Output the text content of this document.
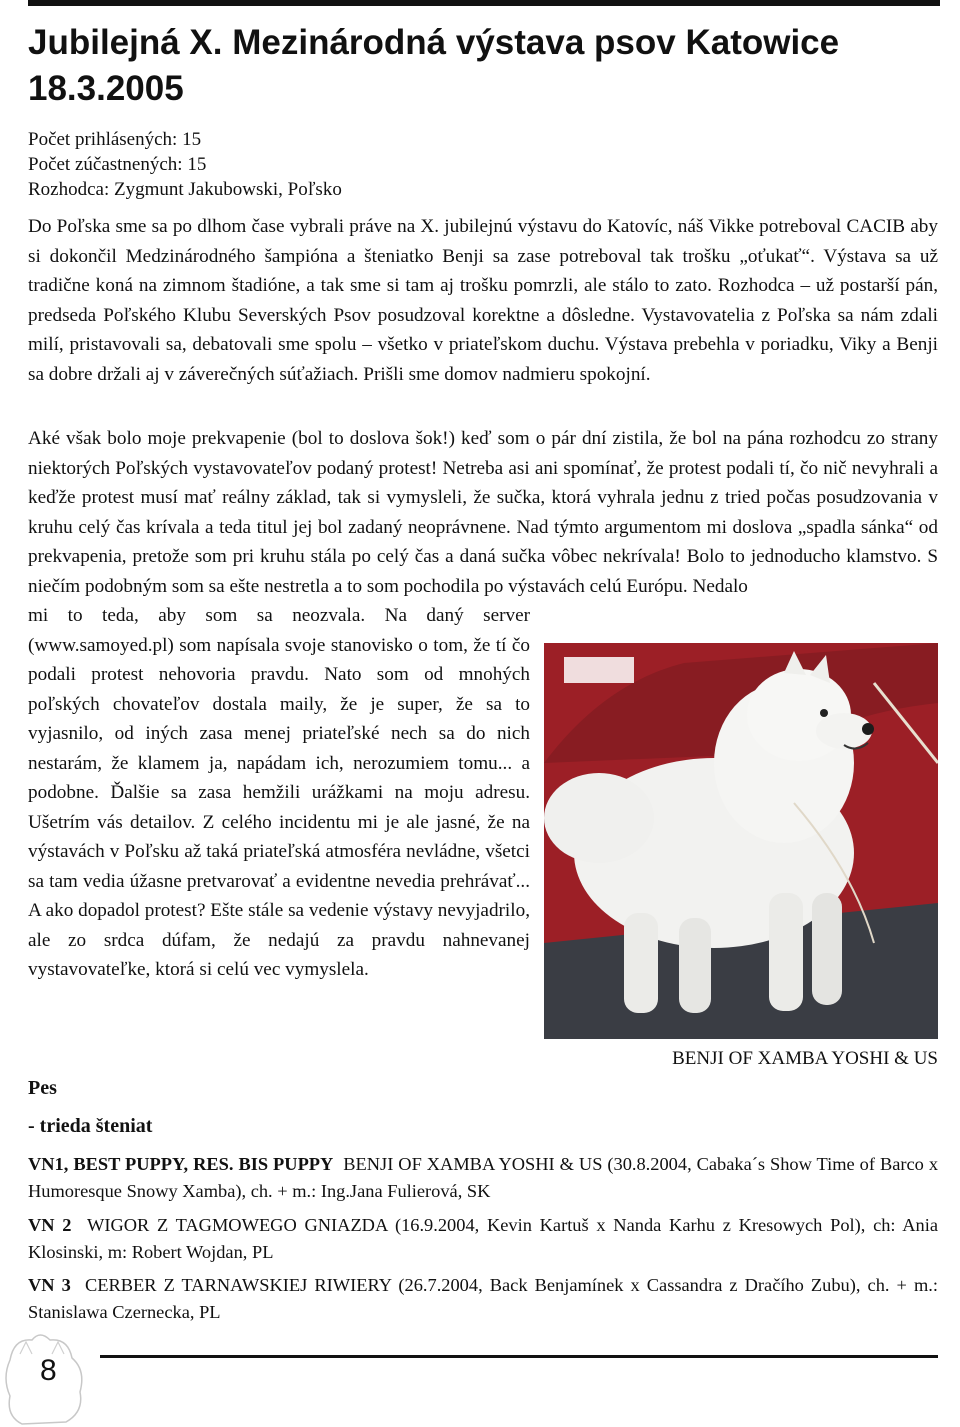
Jubilejná X. Mezinárodná výstava psov Katowice 18.3.2005
Počet prihlásených: 15
Počet zúčastnených: 15
Rozhodca: Zygmunt Jakubowski, Poľsko

Do Poľska sme sa po dlhom čase vybrali práve na X. jubilejnú výstavu do Katovíc, náš Vikke potreboval CACIB aby si dokončil Medzinárodného šampióna a šteniatko Benji sa zase potreboval tak trošku „oťukať“. Výstava sa už tradične koná na zimnom štadióne, a tak sme si tam aj trošku pomrzli, ale stálo to zato. Rozhodca – už postarší pán, predseda Poľského Klubu Severských Psov posudzoval korektne a dôsledne. Vystavovatelia z Poľska sa nám zdali milí, pristavovali sa, debatovali sme spolu – všetko v priateľskom duchu. Výstava prebehla v poriadku, Viky a Benji sa dobre držali aj v záverečných súťažiach. Prišli sme domov nadmieru spokojní.

Aké však bolo moje prekvapenie (bol to doslova šok!) keď som o pár dní zistila, že bol na pána rozhodcu zo strany niektorých Poľských vystavovateľov podaný protest! Netreba asi ani spomínať, že protest podali tí, čo nič nevyhrali a keďže protest musí mať reálny základ, tak si vymysleli, že sučka, ktorá vyhrala jednu z tried počas posudzovania v kruhu celý čas krívala a teda titul jej bol zadaný neoprávnene. Nad týmto argumentom mi doslova „spadla sánka“ od prekvapenia, pretože som pri kruhu stála po celý čas a daná sučka vôbec nekrívala! Bolo to jednoducho klamstvo. S niečím podobným som sa ešte nestretla a to som pochodila po výstavách celú Európu. Nedalo

mi to teda, aby som sa neozvala. Na daný server (www.samoyed.pl) som napísala svoje stanovisko o tom, že tí čo podali protest nehovoria pravdu. Nato som od mnohých poľských chovateľov dostala maily, že je super, že sa to vyjasnilo, od iných zasa menej priateľské nech sa do nich nestarám, že klamem ja, napádam ich, nerozumiem tomu... a podobne. Ďalšie sa zasa hemžili urážkami na moju adresu. Ušetrím vás detailov. Z celého incidentu mi je ale jasné, že na výstavách v Poľsku až taká priateľská atmosféra nevládne, všetci sa tam vedia úžasne pretvarovať a evidentne nevedia prehrávať... A ako dopadol protest? Ešte stále sa vedenie výstavy nevyjadrilo, ale zo srdca dúfam, že nedajú za pravdu nahnevanej vystavovateľke, ktorá si celú vec vymyslela.

BENJI OF XAMBA YOSHI & US
Pes
- trieda šteniat
VN1, BEST PUPPY, RES. BIS PUPPY BENJI OF XAMBA YOSHI & US (30.8.2004, Cabaka´s Show Time of Barco x Humoresque Snowy Xamba), ch. + m.: Ing.Jana Fulierová, SK
VN 2 WIGOR Z TAGMOWEGO GNIAZDA (16.9.2004, Kevin Kartuš x Nanda Karhu z Kresowych Pol), ch: Ania Klosinski, m: Robert Wojdan, PL
VN 3 CERBER Z TARNAWSKIEJ RIWIERY (26.7.2004, Back Benjamínek x Cassandra z Dračího Zubu), ch. + m.: Stanislawa Czernecka, PL
8
